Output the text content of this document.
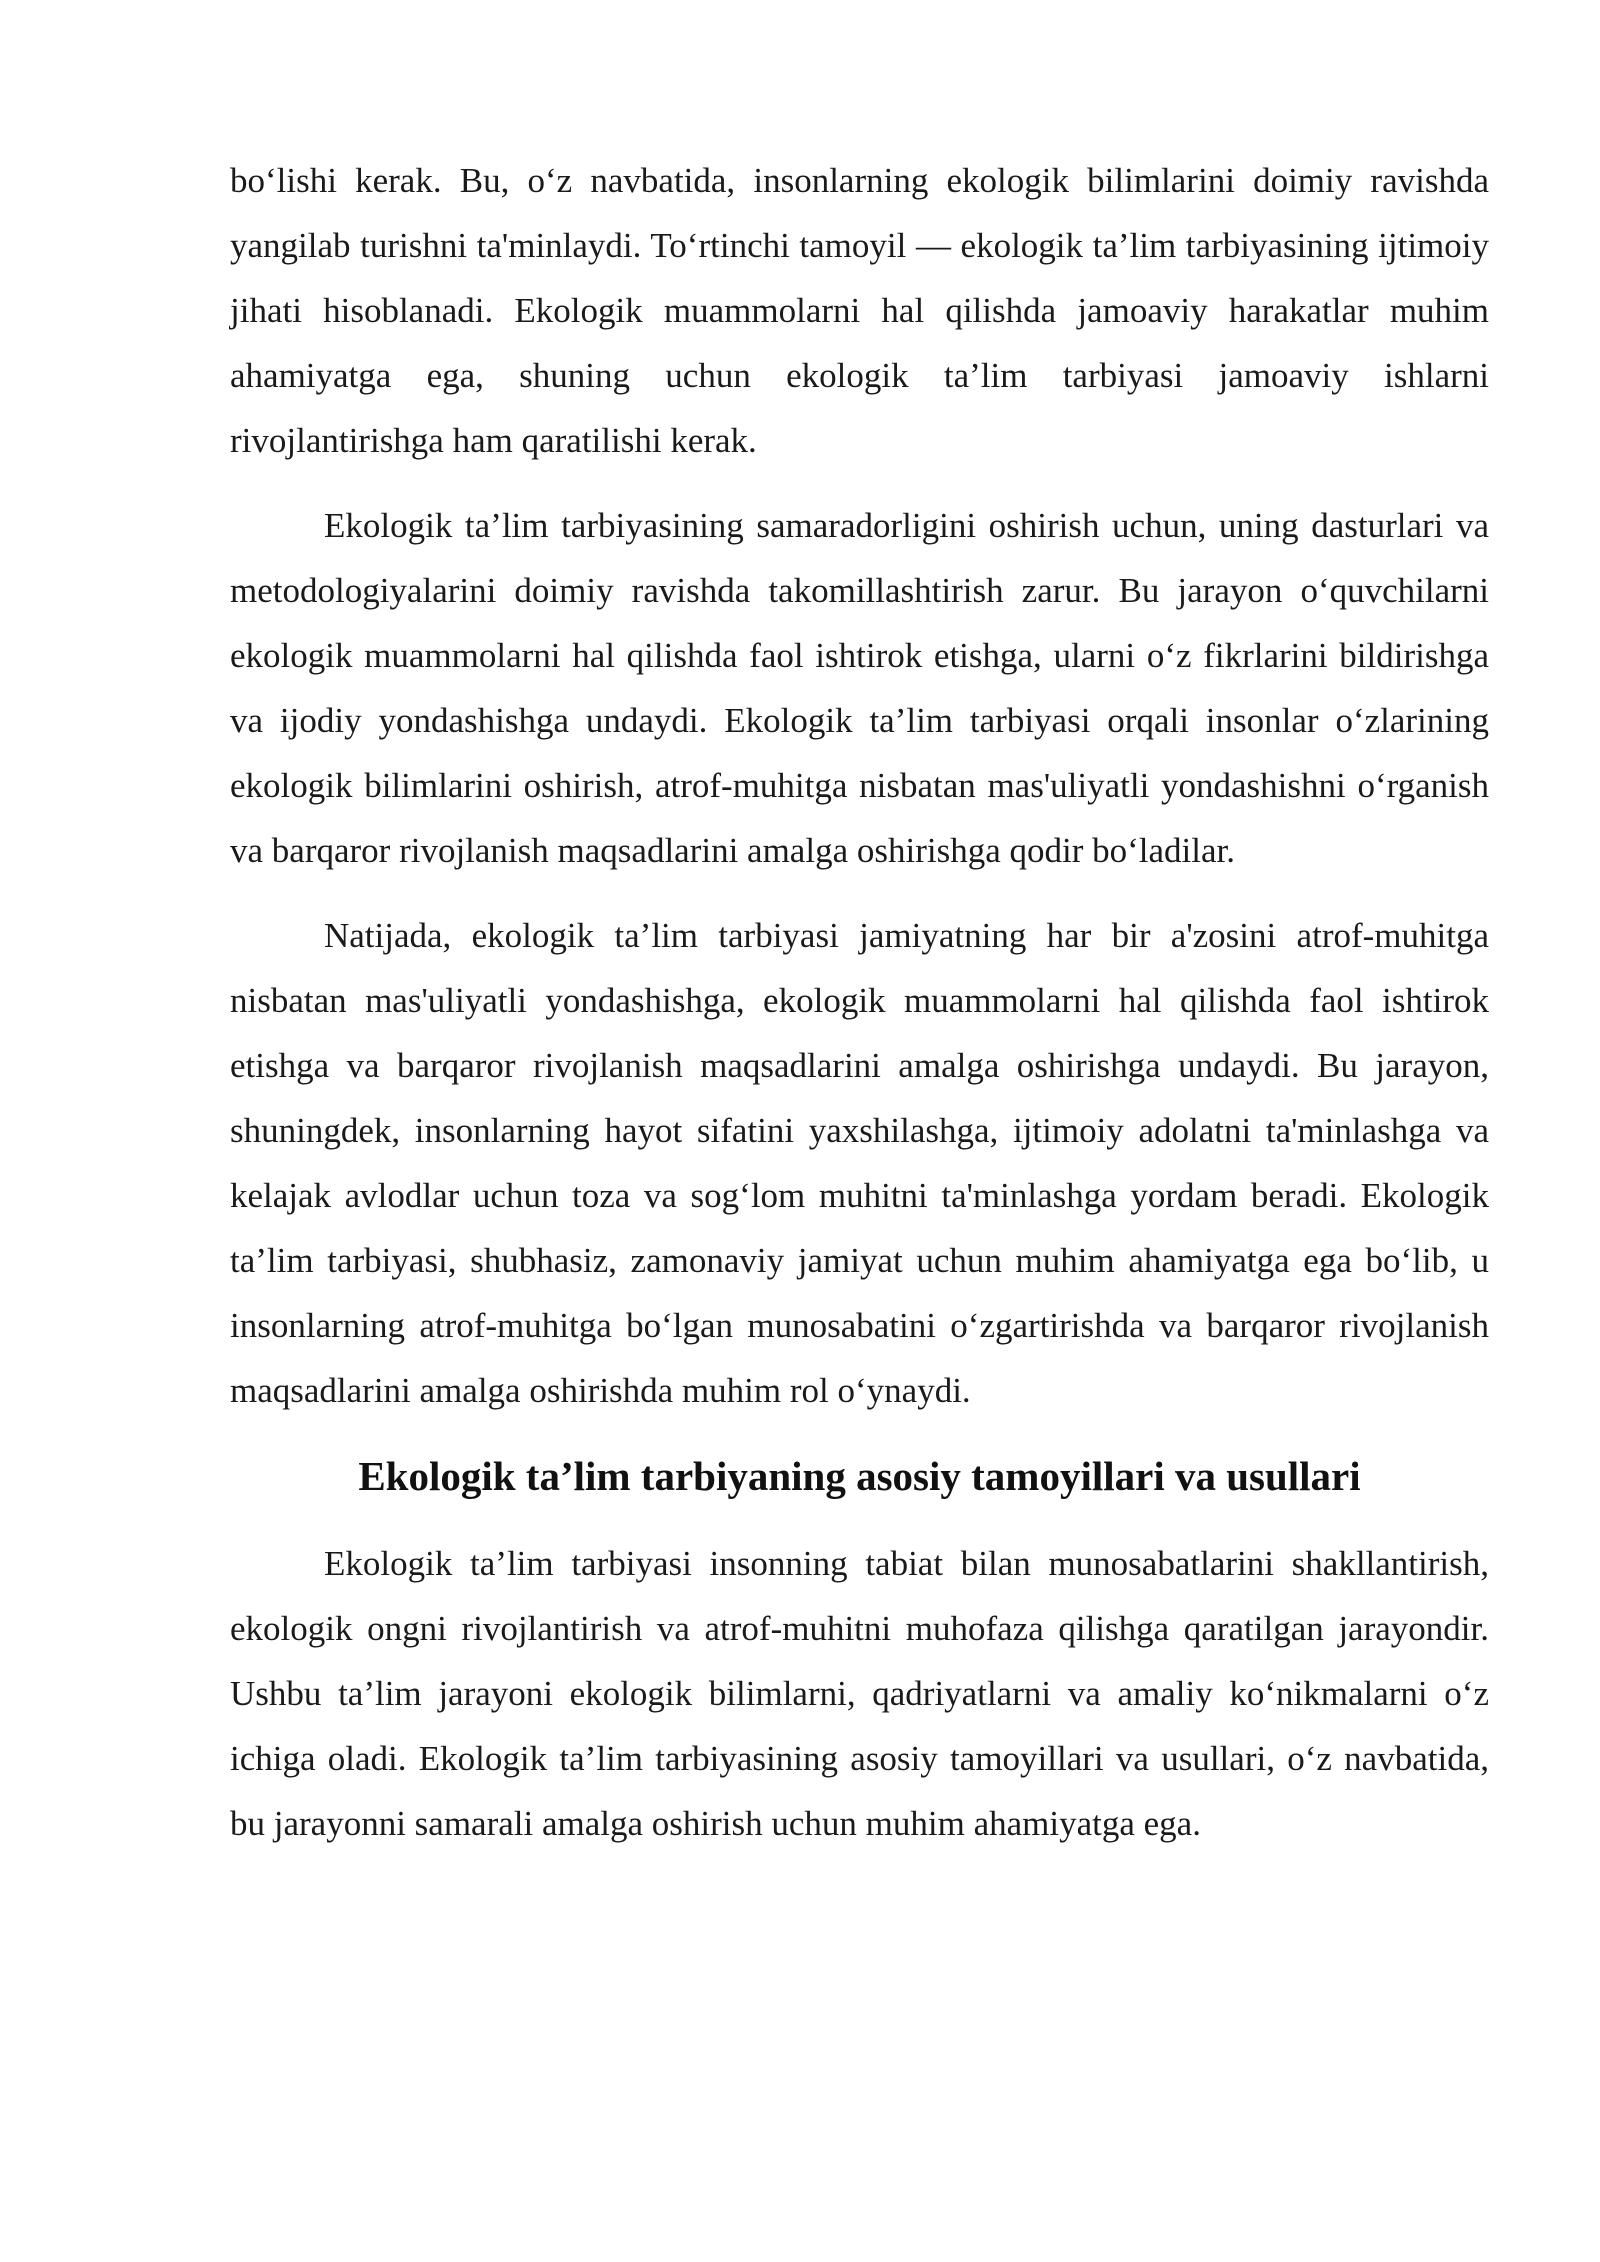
bo‘lishi kerak. Bu, o‘z navbatida, insonlarning ekologik bilimlarini doimiy ravishda yangilab turishni ta'minlaydi. To‘rtinchi tamoyil — ekologik ta’lim tarbiyasining ijtimoiy jihati hisoblanadi. Ekologik muammolarni hal qilishda jamoaviy harakatlar muhim ahamiyatga ega, shuning uchun ekologik ta’lim tarbiyasi jamoaviy ishlarni rivojlantirishga ham qaratilishi kerak.

Ekologik ta’lim tarbiyasining samaradorligini oshirish uchun, uning dasturlari va metodologiyalarini doimiy ravishda takomillashtirish zarur. Bu jarayon o‘quvchilarni ekologik muammolarni hal qilishda faol ishtirok etishga, ularni o‘z fikrlarini bildirishga va ijodiy yondashishga undaydi. Ekologik ta’lim tarbiyasi orqali insonlar o‘zlarining ekologik bilimlarini oshirish, atrof-muhitga nisbatan mas'uliyatli yondashishni o‘rganish va barqaror rivojlanish maqsadlarini amalga oshirishga qodir bo‘ladilar.

Natijada, ekologik ta’lim tarbiyasi jamiyatning har bir a'zosini atrof-muhitga nisbatan mas'uliyatli yondashishga, ekologik muammolarni hal qilishda faol ishtirok etishga va barqaror rivojlanish maqsadlarini amalga oshirishga undaydi. Bu jarayon, shuningdek, insonlarning hayot sifatini yaxshilashga, ijtimoiy adolatni ta'minlashga va kelajak avlodlar uchun toza va sog‘lom muhitni ta'minlashga yordam beradi. Ekologik ta’lim tarbiyasi, shubhasiz, zamonaviy jamiyat uchun muhim ahamiyatga ega bo‘lib, u insonlarning atrof-muhitga bo‘lgan munosabatini o‘zgartirishda va barqaror rivojlanish maqsadlarini amalga oshirishda muhim rol o‘ynaydi.

Ekologik ta’lim tarbiyaning asosiy tamoyillari va usullari

Ekologik ta’lim tarbiyasi insonning tabiat bilan munosabatlarini shakllantirish, ekologik ongni rivojlantirish va atrof-muhitni muhofaza qilishga qaratilgan jarayondir. Ushbu ta’lim jarayoni ekologik bilimlarni, qadriyatlarni va amaliy ko‘nikmalarni o‘z ichiga oladi. Ekologik ta’lim tarbiyasining asosiy tamoyillari va usullari, o‘z navbatida, bu jarayonni samarali amalga oshirish uchun muhim ahamiyatga ega.
